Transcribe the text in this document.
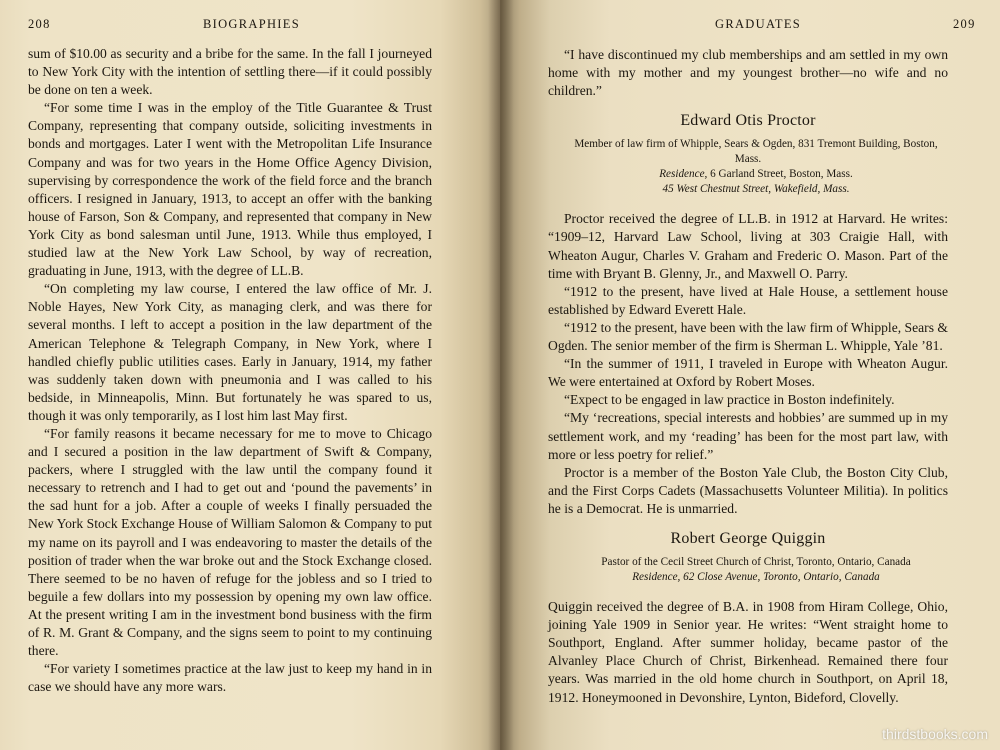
208	BIOGRAPHIES

sum of $10.00 as security and a bribe for the same. In the fall I journeyed to New York City with the intention of settling there—if it could possibly be done on ten a week.

“For some time I was in the employ of the Title Guarantee & Trust Company, representing that company outside, soliciting investments in bonds and mortgages. Later I went with the Metropolitan Life Insurance Company and was for two years in the Home Office Agency Division, supervising by correspondence the work of the field force and the branch officers. I resigned in January, 1913, to accept an offer with the banking house of Farson, Son & Company, and represented that company in New York City as bond salesman until June, 1913. While thus employed, I studied law at the New York Law School, by way of recreation, graduating in June, 1913, with the degree of LL.B.

“On completing my law course, I entered the law office of Mr. J. Noble Hayes, New York City, as managing clerk, and was there for several months. I left to accept a position in the law department of the American Telephone & Telegraph Company, in New York, where I handled chiefly public utilities cases. Early in January, 1914, my father was suddenly taken down with pneumonia and I was called to his bedside, in Minneapolis, Minn. But fortunately he was spared to us, though it was only temporarily, as I lost him last May first.

“For family reasons it became necessary for me to move to Chicago and I secured a position in the law department of Swift & Company, packers, where I struggled with the law until the company found it necessary to retrench and I had to get out and ‘pound the pavements’ in the sad hunt for a job. After a couple of weeks I finally persuaded the New York Stock Exchange House of William Salomon & Company to put my name on its payroll and I was endeavoring to master the details of the position of trader when the war broke out and the Stock Exchange closed. There seemed to be no haven of refuge for the jobless and so I tried to beguile a few dollars into my possession by opening my own law office. At the present writing I am in the investment bond business with the firm of R. M. Grant & Company, and the signs seem to point to my continuing there.

“For variety I sometimes practice at the law just to keep my hand in in case we should have any more wars.

GRADUATES	209

“I have discontinued my club memberships and am settled in my own home with my mother and my youngest brother—no wife and no children.”

Edward Otis Proctor

Member of law firm of Whipple, Sears & Ogden, 831 Tremont Building, Boston, Mass.

Residence, 6 Garland Street, Boston, Mass.

45 West Chestnut Street, Wakefield, Mass.

Proctor received the degree of LL.B. in 1912 at Harvard. He writes: “1909–12, Harvard Law School, living at 303 Craigie Hall, with Wheaton Augur, Charles V. Graham and Frederic O. Mason. Part of the time with Bryant B. Glenny, Jr., and Maxwell O. Parry.

“1912 to the present, have lived at Hale House, a settlement house established by Edward Everett Hale.

“1912 to the present, have been with the law firm of Whipple, Sears & Ogden. The senior member of the firm is Sherman L. Whipple, Yale ’81.

“In the summer of 1911, I traveled in Europe with Wheaton Augur. We were entertained at Oxford by Robert Moses.

“Expect to be engaged in law practice in Boston indefinitely.

“My ‘recreations, special interests and hobbies’ are summed up in my settlement work, and my ‘reading’ has been for the most part law, with more or less poetry for relief.”

Proctor is a member of the Boston Yale Club, the Boston City Club, and the First Corps Cadets (Massachusetts Volunteer Militia). In politics he is a Democrat. He is unmarried.

Robert George Quiggin

Pastor of the Cecil Street Church of Christ, Toronto, Ontario, Canada

Residence, 62 Close Avenue, Toronto, Ontario, Canada

Quiggin received the degree of B.A. in 1908 from Hiram College, Ohio, joining Yale 1909 in Senior year. He writes: “Went straight home to Southport, England. After summer holiday, became pastor of the Alvanley Place Church of Christ, Birkenhead. Remained there four years. Was married in the old home church in Southport, on April 18, 1912. Honeymooned in Devonshire, Lynton, Bideford, Clovelly.

thirdstbooks.com
